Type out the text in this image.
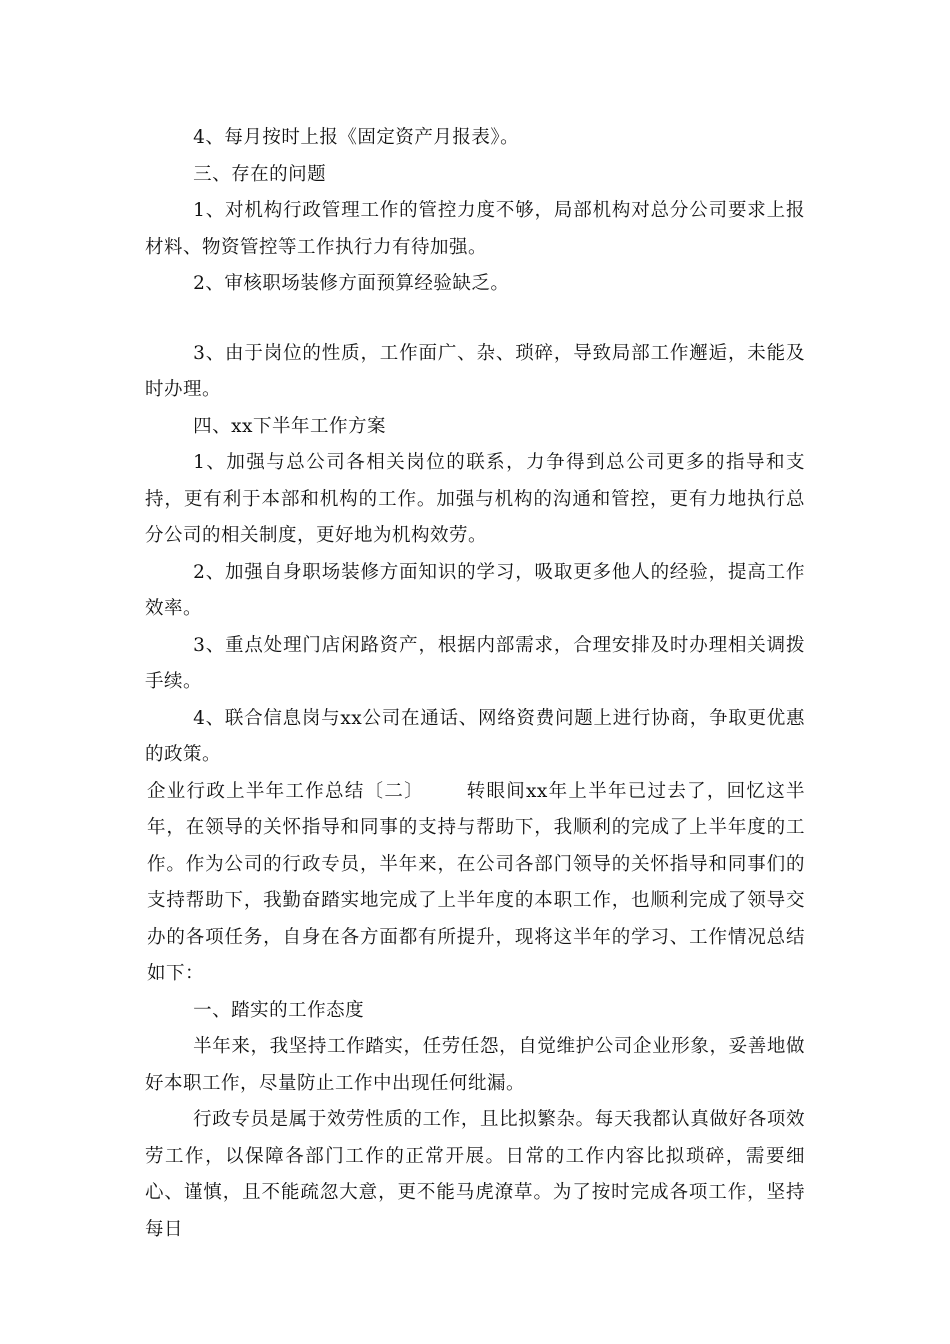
4、每月按时上报《固定资产月报表》。

三、存在的问题

1、对机构行政管理工作的管控力度不够，局部机构对总分公司要求上报材料、物资管控等工作执行力有待加强。

2、审核职场装修方面预算经验缺乏。

3、由于岗位的性质，工作面广、杂、琐碎，导致局部工作邂逅，未能及时办理。

四、xx下半年工作方案

1、加强与总公司各相关岗位的联系，力争得到总公司更多的指导和支持，更有利于本部和机构的工作。加强与机构的沟通和管控，更有力地执行总分公司的相关制度，更好地为机构效劳。

2、加强自身职场装修方面知识的学习，吸取更多他人的经验，提高工作效率。

3、重点处理门店闲路资产，根据内部需求，合理安排及时办理相关调拨手续。

4、联合信息岗与xx公司在通话、网络资费问题上进行协商，争取更优惠的政策。

企业行政上半年工作总结〔二〕 转眼间xx年上半年已过去了，回忆这半年，在领导的关怀指导和同事的支持与帮助下，我顺利的完成了上半年度的工作。作为公司的行政专员，半年来，在公司各部门领导的关怀指导和同事们的支持帮助下，我勤奋踏实地完成了上半年度的本职工作，也顺利完成了领导交办的各项任务，自身在各方面都有所提升，现将这半年的学习、工作情况总结如下：

一、踏实的工作态度

半年来，我坚持工作踏实，任劳任怨，自觉维护公司企业形象，妥善地做好本职工作，尽量防止工作中出现任何纰漏。

行政专员是属于效劳性质的工作，且比拟繁杂。每天我都认真做好各项效劳工作，以保障各部门工作的正常开展。日常的工作内容比拟琐碎，需要细心、谨慎，且不能疏忽大意，更不能马虎潦草。为了按时完成各项工作，坚持每日
